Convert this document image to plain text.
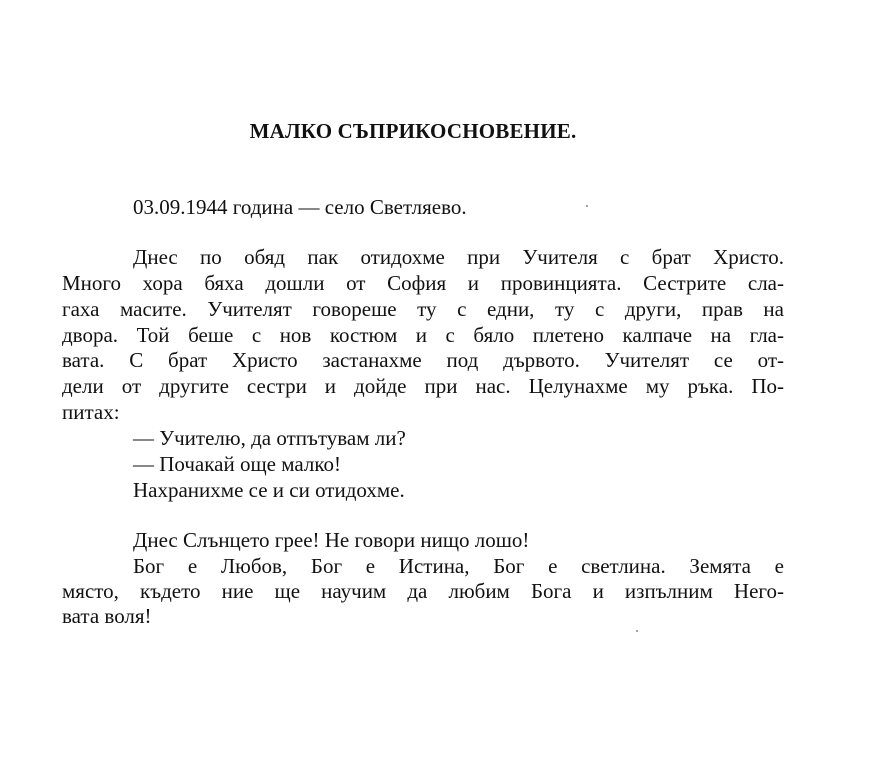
МАЛКО СЪПРИКОСНОВЕНИЕ.
03.09.1944 година — село Светляево.
Днес по обяд пак отидохме при Учителя с брат Христо.
Много хора бяха дошли от София и провинцията. Сестрите сла-
гаха масите. Учителят говореше ту с едни, ту с други, прав на
двора. Той беше с нов костюм и с бяло плетено калпаче на гла-
вата. С брат Христо застанахме под дървото. Учителят се от-
дели от другите сестри и дойде при нас. Целунахме му ръка. По-
питах:
— Учителю, да отпътувам ли?
— Почакай още малко!
Нахранихме се и си отидохме.
Днес Слънцето грее! Не говори нищо лошо!
Бог е Любов, Бог е Истина, Бог е светлина. Земята е
място, където ние ще научим да любим Бога и изпълним Него-
вата воля!
